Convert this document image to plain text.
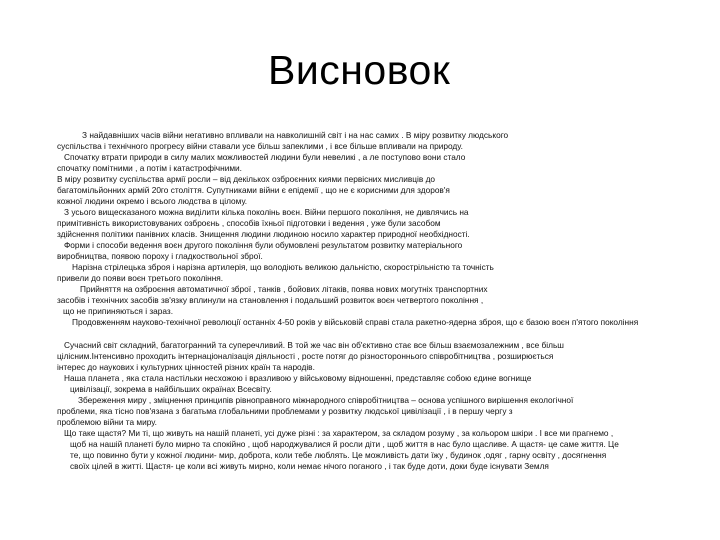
Висновок
З найдавніших часів війни негативно впливали на навколишній світ і на нас самих . В міру розвитку людського
суспільства і технічного прогресу війни ставали усе більш запеклими , і все більше впливали на природу.
Спочатку втрати природи в силу малих можливостей людини були невеликі , а ле поступово вони стало
спочатку помітними , а потім і катастрофічними.
В міру розвитку суспільства армії росли – від декількох озброєнних киями первісних мисливців до
багатомільйонних армій 20го століття. Супутниками війни є епідемії , що не є корисними для здоров'я
кожної людини окремо і всього людства в цілому.
З усього вищесказаного можна виділити кілька поколінь воєн. Війни першого покоління, не дивлячись на
примітивність використовуваних озброєнь , способів їхньої підготовки і ведення , уже були засобом
здійснення політики панівних класів. Знищення людини людиною носило характер природної необхідності.
Форми і способи ведення воєн другого покоління були обумовлені результатом розвитку матеріального
виробництва, появою пороху і гладкоствольної зброї.
Нарізна стрілецька зброя і нарізна артилерія, що володіють великою дальністю, скорострільністю та точність
привели до появи воєн третього покоління.
Прийняття на озброєння автоматичної зброї , танків , бойових літаків, поява нових могутніх транспортних
засобів і технічних засобів зв'язку вплинули на становлення і подальший розвиток воєн четвертого покоління ,
що не припиняються і зараз.
Продовженням науково-технічної революції останніх 4-50 років у військовій справі стала ракетно-ядерна зброя, що є базою воєн п'ятого покоління
Сучасний світ складний, багатогранний та суперечливий. В той же час він об'єктивно стає все більш взаємозалежним , все більш
цілісним.Інтенсивно проходить інтернаціоналізація діяльності , росте потяг до різностороннього співробітництва , розширюється
інтерес до наукових і культурних цінностей різних країн та народів.
Наша планета , яка стала настільки несхожою і вразливою у військовому відношенні, представляє собою єдине вогнище
цивілізації, зокрема в найбільших окраїнах Всесвіту.
Збереження миру , зміцнення принципів рівноправного міжнародного співробітництва – основа успішного вирішення екологічної
проблеми, яка тісно пов'язана з багатьма глобальними проблемами у розвитку людської цивілізації , і в першу чергу з
проблемою війни та миру.
Що таке щастя? Ми ті, що живуть на нашій планеті, усі дуже різні : за характером, за складом розуму , за кольором шкіри . І все ми прагнемо ,
щоб на нашій планеті було мирно та спокійно , щоб народжувалися й росли діти , щоб життя в нас було щасливе. А щастя- це саме життя. Це
те, що повинно бути у кожної людини- мир, доброта, коли тебе люблять. Це можливість дати їжу , будинок ,одяг , гарну освіту , досягнення
своїх цілей в житті. Щастя- це коли всі живуть мирно, коли немає нічого поганого , і так буде доти, доки буде існувати Земля
